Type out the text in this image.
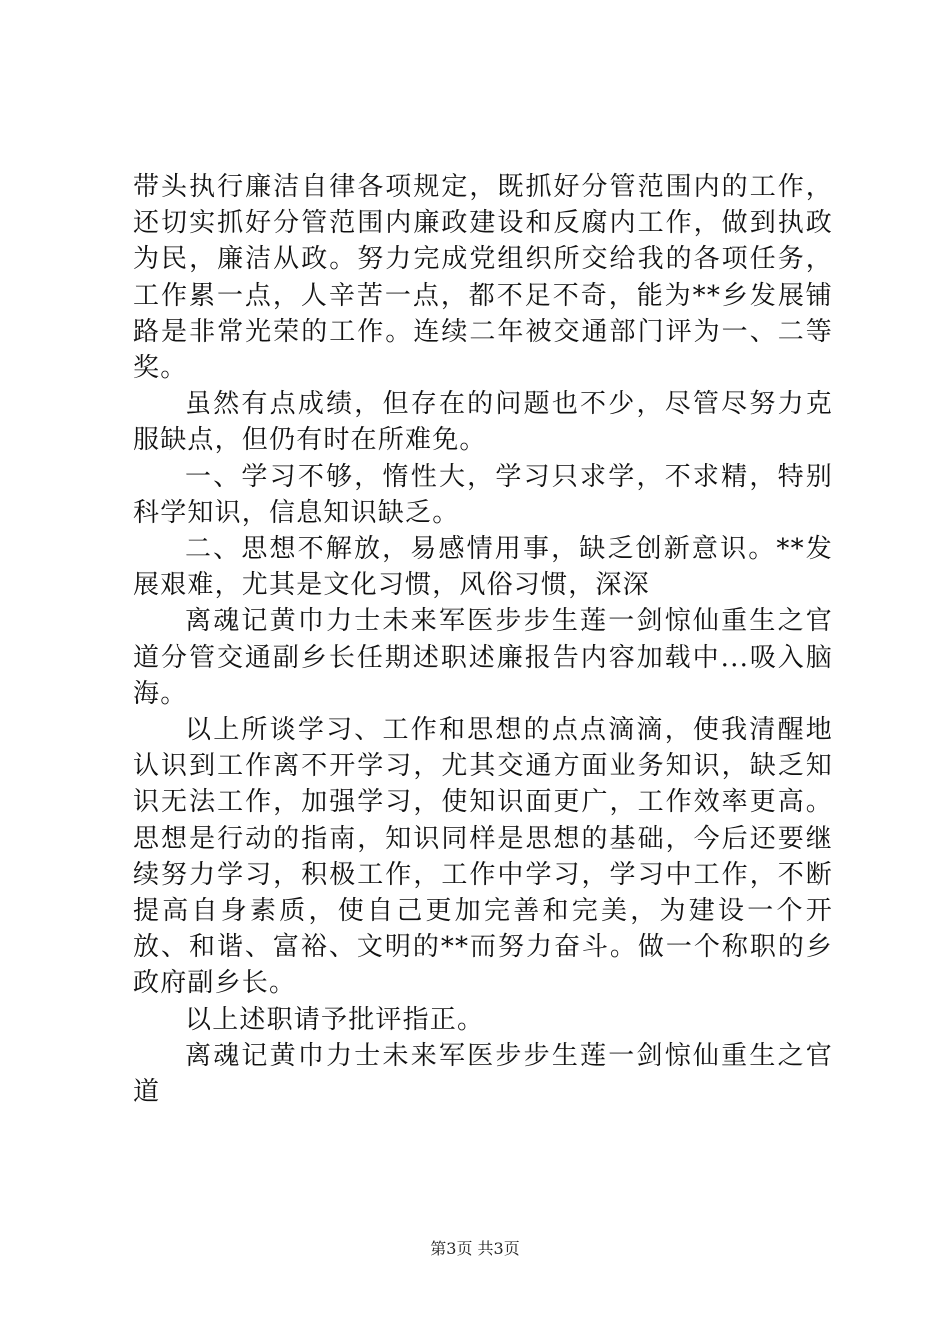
带头执行廉洁自律各项规定，既抓好分管范围内的工作，还切实抓好分管范围内廉政建设和反腐内工作，做到执政为民，廉洁从政。努力完成党组织所交给我的各项任务，工作累一点，人辛苦一点，都不足不奇，能为**乡发展铺路是非常光荣的工作。连续二年被交通部门评为一、二等奖。

虽然有点成绩，但存在的问题也不少，尽管尽努力克服缺点，但仍有时在所难免。

一、学习不够，惰性大，学习只求学，不求精，特别科学知识，信息知识缺乏。

二、思想不解放，易感情用事，缺乏创新意识。**发展艰难，尤其是文化习惯，风俗习惯，深深

离魂记黄巾力士未来军医步步生莲一剑惊仙重生之官道分管交通副乡长任期述职述廉报告内容加载中...吸入脑海。

以上所谈学习、工作和思想的点点滴滴，使我清醒地认识到工作离不开学习，尤其交通方面业务知识，缺乏知识无法工作，加强学习，使知识面更广，工作效率更高。思想是行动的指南，知识同样是思想的基础，今后还要继续努力学习，积极工作，工作中学习，学习中工作，不断提高自身素质，使自己更加完善和完美，为建设一个开放、和谐、富裕、文明的**而努力奋斗。做一个称职的乡政府副乡长。

以上述职请予批评指正。

离魂记黄巾力士未来军医步步生莲一剑惊仙重生之官道

第3页 共3页
